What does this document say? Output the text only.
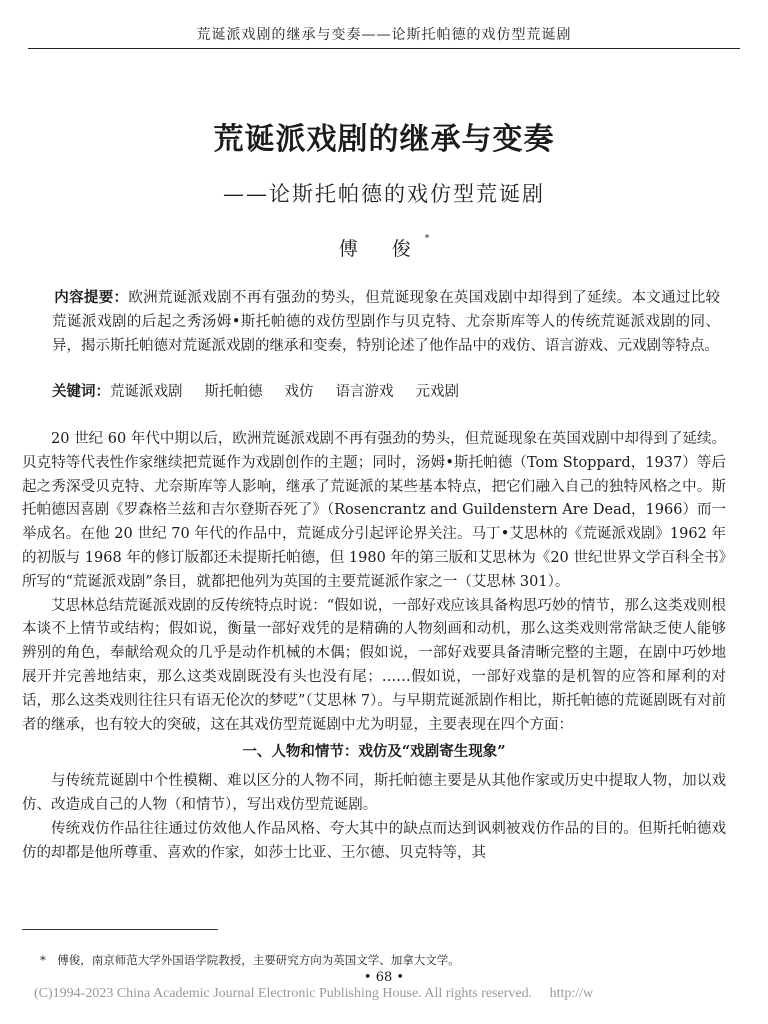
荒诞派戏剧的继承与变奏——论斯托帕德的戏仿型荒诞剧
荒诞派戏剧的继承与变奏
——论斯托帕德的戏仿型荒诞剧
傅 俊*
内容提要：欧洲荒诞派戏剧不再有强劲的势头，但荒诞现象在英国戏剧中却得到了延续。本文通过比较荒诞派戏剧的后起之秀汤姆•斯托帕德的戏仿型剧作与贝克特、尤奈斯库等人的传统荒诞派戏剧的同、异，揭示斯托帕德对荒诞派戏剧的继承和变奏，特别论述了他作品中的戏仿、语言游戏、元戏剧等特点。
关键词：荒诞派戏剧 斯托帕德 戏仿 语言游戏 元戏剧

20 世纪 60 年代中期以后，欧洲荒诞派戏剧不再有强劲的势头，但荒诞现象在英国戏剧中却得到了延续。贝克特等代表性作家继续把荒诞作为戏剧创作的主题；同时，汤姆•斯托帕德（Tom Stoppard，1937）等后起之秀深受贝克特、尤奈斯库等人影响，继承了荒诞派的某些基本特点，把它们融入自己的独特风格之中。斯托帕德因喜剧《罗森格兰兹和吉尔登斯吞死了》（Rosencrantz and Guildenstern Are Dead，1966）而一举成名。在他 20 世纪 70 年代的作品中，荒诞成分引起评论界关注。马丁•艾思林的《荒诞派戏剧》1962 年的初版与 1968 年的修订版都还未提斯托帕德，但 1980 年的第三版和艾思林为《20 世纪世界文学百科全书》所写的“荒诞派戏剧”条目，就都把他列为英国的主要荒诞派作家之一（艾思林 301）。

艾思林总结荒诞派戏剧的反传统特点时说：“假如说，一部好戏应该具备构思巧妙的情节，那么这类戏则根本谈不上情节或结构；假如说，衡量一部好戏凭的是精确的人物刻画和动机，那么这类戏则常常缺乏使人能够辨别的角色，奉献给观众的几乎是动作机械的木偶；假如说，一部好戏要具备清晰完整的主题，在剧中巧妙地展开并完善地结束，那么这类戏剧既没有头也没有尾；……假如说，一部好戏靠的是机智的应答和犀利的对话，那么这类戏则往往只有语无伦次的梦呓”（艾思林 7）。与早期荒诞派剧作相比，斯托帕德的荒诞剧既有对前者的继承，也有较大的突破，这在其戏仿型荒诞剧中尤为明显，主要表现在四个方面：

一、人物和情节：戏仿及“戏剧寄生现象”

与传统荒诞剧中个性模糊、难以区分的人物不同，斯托帕德主要是从其他作家或历史中提取人物，加以戏仿、改造成自己的人物（和情节），写出戏仿型荒诞剧。

传统戏仿作品往往通过仿效他人作品风格、夸大其中的缺点而达到讽刺被戏仿作品的目的。但斯托帕德戏仿的却都是他所尊重、喜欢的作家，如莎士比亚、王尔德、贝克特等，其

*　傅俊，南京师范大学外国语学院教授，主要研究方向为英国文学、加拿大文学。
• 68 •
(C)1994-2023 China Academic Journal Electronic Publishing House. All rights reserved.　 http://w
